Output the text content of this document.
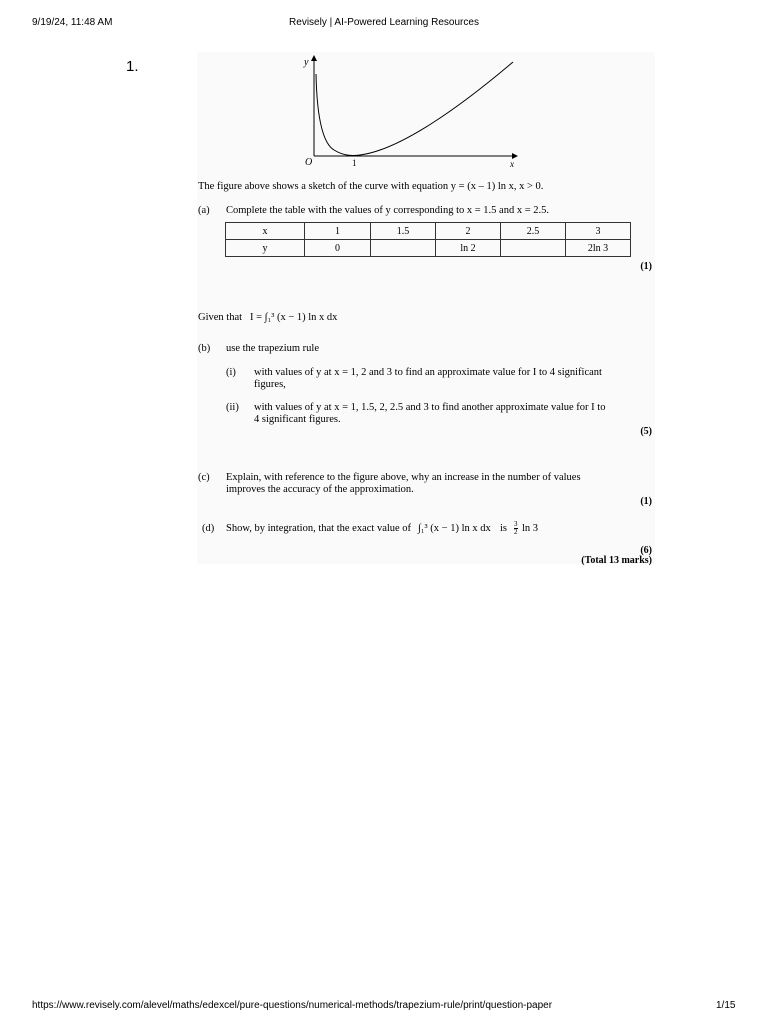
9/19/24, 11:48 AM	Revisely | AI-Powered Learning Resources
1.	y
O	1	x
The figure above shows a sketch of the curve with equation y = (x – 1) ln x, x > 0.
(a) Complete the table with the values of y corresponding to x = 1.5 and x = 2.5.
x	1	1.5	2	2.5	3
y	0		ln 2		2ln 3
(1)
Given that I = ∫₁³ (x − 1) ln x dx
(b) use the trapezium rule
(i) with values of y at x = 1, 2 and 3 to find an approximate value for I to 4 significant
figures,
(ii) with values of y at x = 1, 1.5, 2, 2.5 and 3 to find another approximate value for I to
4 significant figures.
(5)
(c) Explain, with reference to the figure above, why an increase in the number of values
improves the accuracy of the approximation.
(1)
(d) Show, by integration, that the exact value of ∫₁³ (x − 1) ln x dx is $\frac{3}{2}$ ln 3
(6)
(Total 13 marks)
https://www.revisely.com/alevel/maths/edexcel/pure-questions/numerical-methods/trapezium-rule/print/question-paper	1/15
